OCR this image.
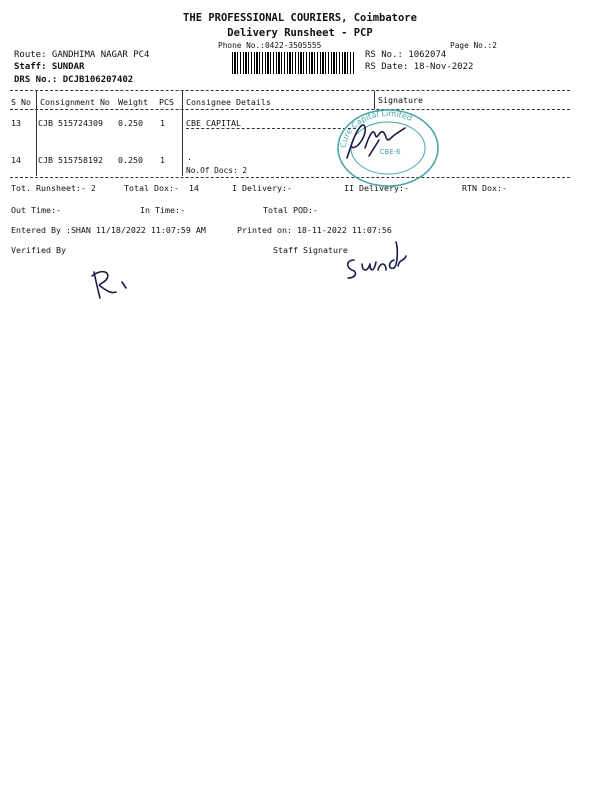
THE PROFESSIONAL COURIERS, Coimbatore
Delivery Runsheet - PCP
Phone No.:0422-3505555	Page No.:2
Route: GANDHIMA NAGAR PC4
Staff: SUNDAR
DRS No.: DCJB106207402
RS No.: 1062074
RS Date: 18-Nov-2022
S No Consignment No Weight PCS Consignee Details	Signature
13 CJB 515724309 0.250 1	CBE CAPITAL
14 CJB 515758192 0.250 1	.
No.Of Docs: 2
Tot. Runsheet:- 2	Total Dox:-  14	I Delivery:-	II Delivery:-	RTN Dox:-
Out Time:-	In Time:-	Total POD:-
Entered By :SHAN 11/18/2022 11:07:59 AM	Printed on: 18-11-2022 11:07:56
Verified By	Staff Signature
Cure Capital Limited
CBE-6
